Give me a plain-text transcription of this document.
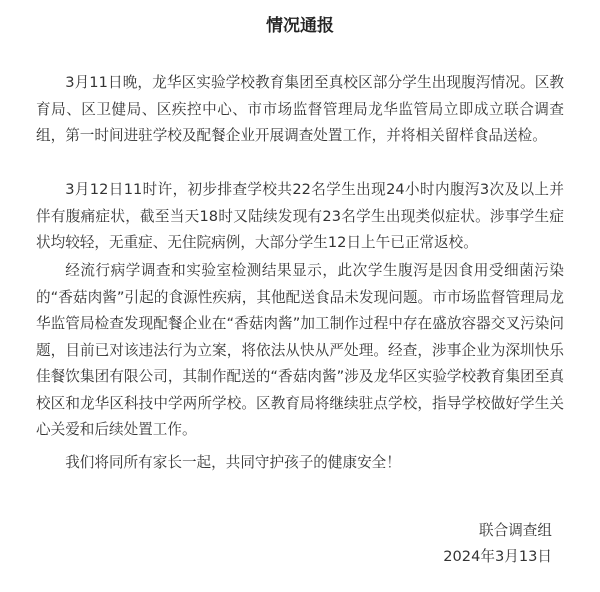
情况通报

3月11日晚，龙华区实验学校教育集团至真校区部分学生出现腹泻情况。区教育局、区卫健局、区疾控中心、市市场监督管理局龙华监管局立即成立联合调查组，第一时间进驻学校及配餐企业开展调查处置工作，并将相关留样食品送检。

3月12日11时许，初步排查学校共22名学生出现24小时内腹泻3次及以上并伴有腹痛症状，截至当天18时又陆续发现有23名学生出现类似症状。涉事学生症状均较轻，无重症、无住院病例，大部分学生12日上午已正常返校。

经流行病学调查和实验室检测结果显示，此次学生腹泻是因食用受细菌污染的“香菇肉酱”引起的食源性疾病，其他配送食品未发现问题。市市场监督管理局龙华监管局检查发现配餐企业在“香菇肉酱”加工制作过程中存在盛放容器交叉污染问题，目前已对该违法行为立案，将依法从快从严处理。经查，涉事企业为深圳快乐佳餐饮集团有限公司，其制作配送的“香菇肉酱”涉及龙华区实验学校教育集团至真校区和龙华区科技中学两所学校。区教育局将继续驻点学校，指导学校做好学生关心关爱和后续处置工作。

我们将同所有家长一起，共同守护孩子的健康安全！

联合调查组
2024年3月13日
